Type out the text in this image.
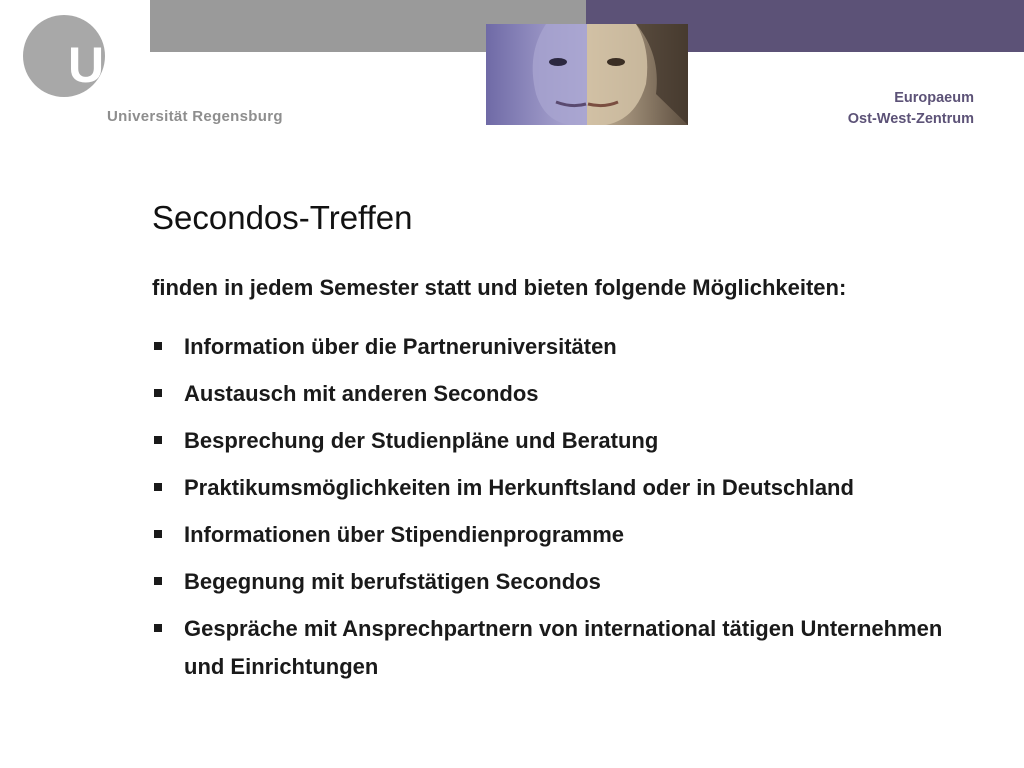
UR
Universität Regensburg
Europaeum
Ost-West-Zentrum
Secondos-Treffen
finden in jedem Semester statt und bieten folgende Möglichkeiten:
Information über die Partneruniversitäten
Austausch mit anderen Secondos
Besprechung der Studienpläne und Beratung
Praktikumsmöglichkeiten im Herkunftsland oder in Deutschland
Informationen über Stipendienprogramme
Begegnung mit berufstätigen Secondos
Gespräche mit Ansprechpartnern von international tätigen Unternehmen und Einrichtungen
